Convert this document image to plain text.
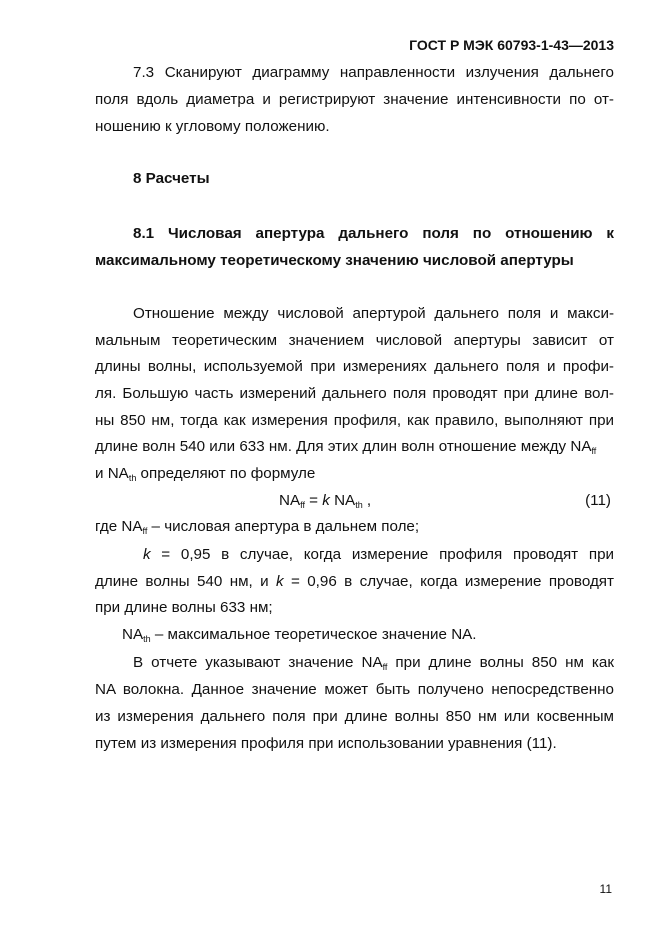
ГОСТ Р МЭК 60793-1-43—2013
7.3 Сканируют диаграмму направленности излучения дальнего
поля вдоль диаметра и регистрируют значение интенсивности по от-
ношению к угловому положению.
8 Расчеты
8.1 Числовая апертура дальнего поля по отношению к
максимальному теоретическому значению числовой апертуры
Отношение между числовой апертурой дальнего поля и макси-
мальным теоретическим значением числовой апертуры зависит от
длины волны, используемой при измерениях дальнего поля и профи-
ля. Большую часть измерений дальнего поля проводят при длине вол-
ны 850 нм, тогда как измерения профиля, как правило, выполняют при
длине волн 540 или 633 нм. Для этих длин волн отношение между $NA_{ff}$
и $NA_{th}$ определяют по формуле
$NA_{ff} = k$ $NA_{th}$ ,	(11)
где $NA_{ff}$ – числовая апертура в дальнем поле;
k = 0,95 в случае, когда измерение профиля проводят при
длине волны 540 нм, и k = 0,96 в случае, когда измерение проводят
при длине волны 633 нм;
$NA_{th}$ – максимальное теоретическое значение NA.
В отчете указывают значение $NA_{ff}$ при длине волны 850 нм как
NA волокна. Данное значение может быть получено непосредственно
из измерения дальнего поля при длине волны 850 нм или косвенным
путем из измерения профиля при использовании уравнения (11).
11
